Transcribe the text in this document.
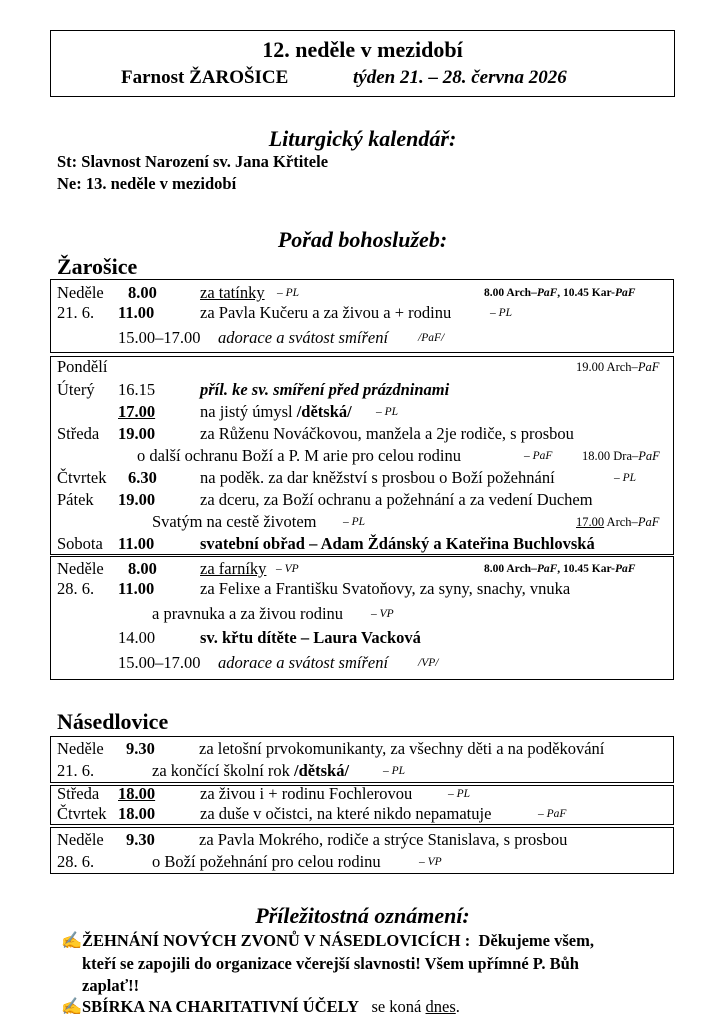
12. neděle v mezidobí
Farnost ŽAROŠICE	týden 21. – 28. června 2026
Liturgický kalendář:
St: Slavnost Narození sv. Jana Křtitele
Ne: 13. neděle v mezidobí
Pořad bohoslužeb:
Žarošice
Neděle 8.00	za tatínky – PL	8.00 Arch–PaF, 10.45 Kar-PaF
21. 6. 11.00	za Pavla Kučeru a za živou a + rodinu	– PL
15.00–17.00 adorace a svátost smíření	/PaF/
Pondělí	19.00 Arch–PaF
Úterý 16.15	příl. ke sv. smíření před prázdninami
17.00	na jistý úmysl /dětská/ – PL
Středa 19.00	za Růženu Nováčkovou, manžela a 2je rodiče, s prosbou
o další ochranu Boží a P. M arie pro celou rodinu	– PaF 18.00 Dra–PaF
Čtvrtek 6.30	na poděk. za dar kněžství s prosbou o Boží požehnání	– PL
Pátek 19.00	za dceru, za Boží ochranu a požehnání a za vedení Duchem
Svatým na cestě životem – PL	17.00 Arch–PaF
Sobota 11.00	svatební obřad – Adam Ždánský a Kateřina Buchlovská
Neděle 8.00	za farníky – VP	8.00 Arch–PaF, 10.45 Kar-PaF
28. 6. 11.00	za Felixe a Františku Svatoňovy, za syny, snachy, vnuka
a pravnuka a za živou rodinu – VP
14.00	sv. křtu dítěte – Laura Vacková
15.00–17.00 adorace a svátost smíření	/VP/
Násedlovice
Neděle 9.30	za letošní prvokomunikanty, za všechny děti a na poděkování
21. 6.	za končící školní rok /dětská/	– PL
Středa 18.00	za živou i + rodinu Fochlerovou	– PL
Čtvrtek 18.00	za duše v očistci, na které nikdo nepamatuje	– PaF
Neděle 9.30	za Pavla Mokrého, rodiče a strýce Stanislava, s prosbou
28. 6.	o Boží požehnání pro celou rodinu	– VP
Příležitostná oznámení:
✍ ŽEHNÁNÍ NOVÝCH ZVONŮ V NÁSEDLOVICÍCH : Děkujeme všem,
kteří se zapojili do organizace včerejší slavnosti! Všem upřímné P. Bůh
zaplať!!
✍ SBÍRKA NA CHARITATIVNÍ ÚČELY se koná dnes.
